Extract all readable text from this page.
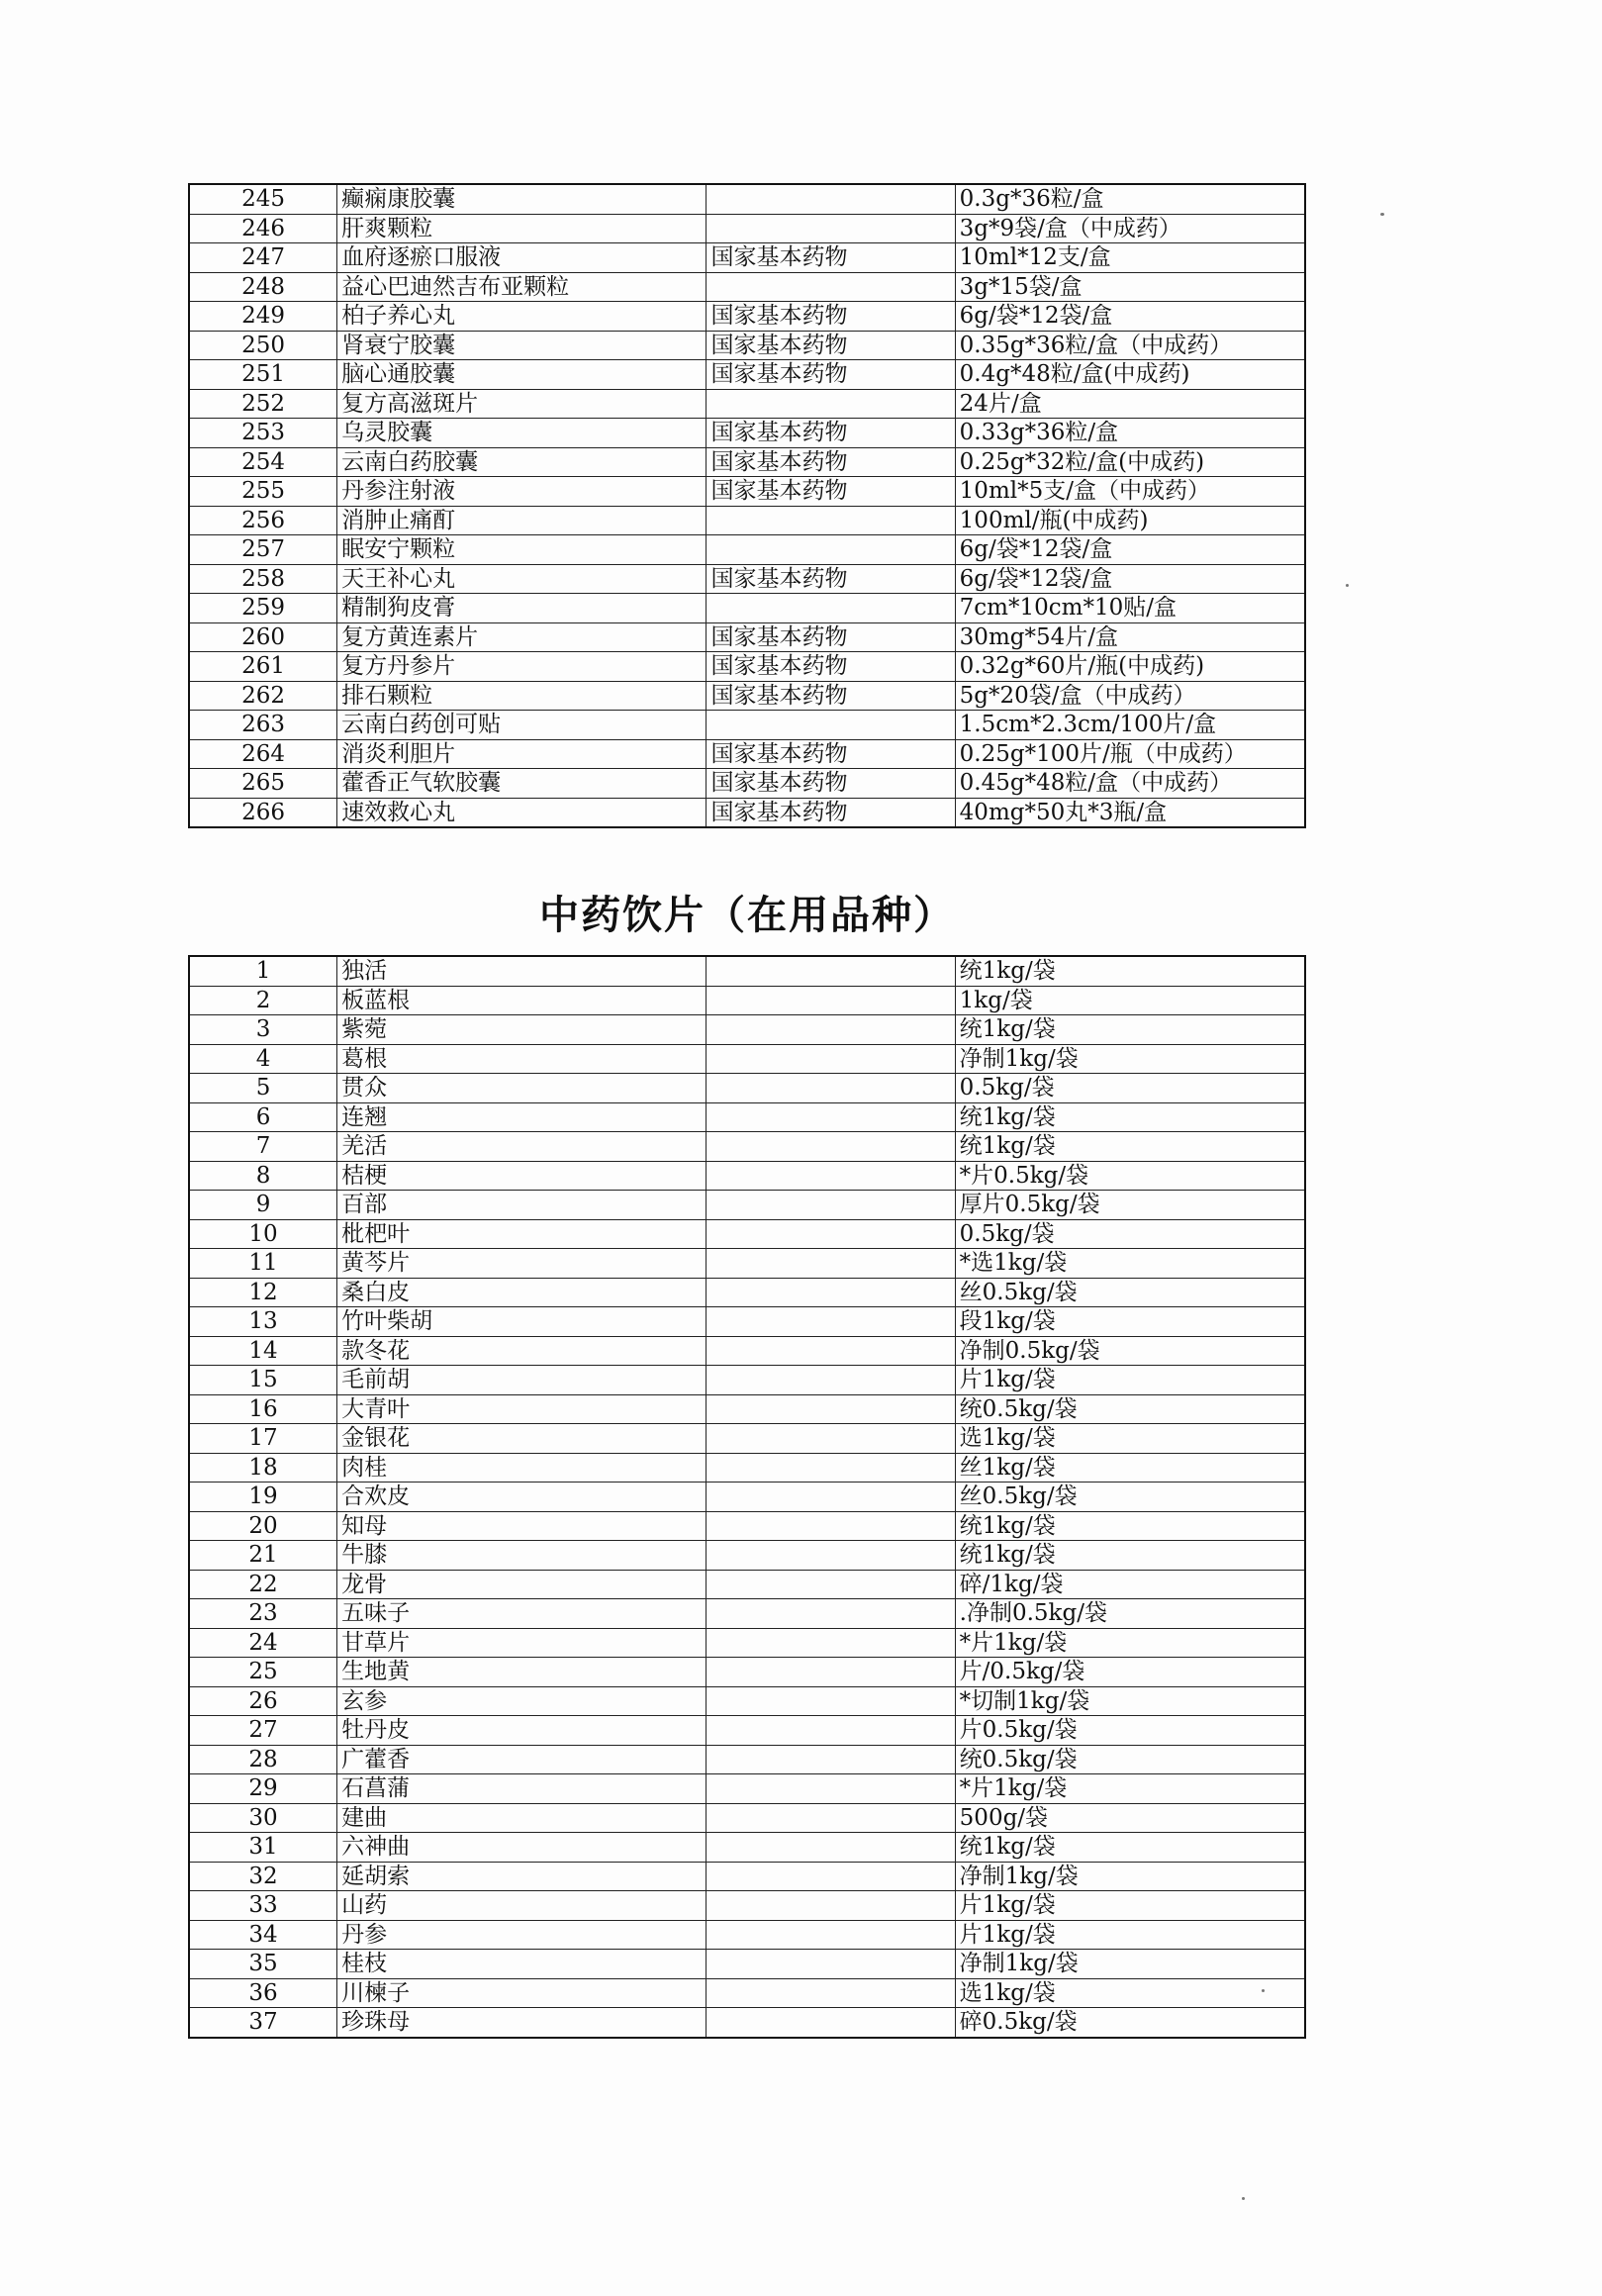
245	癫痫康胶囊		0.3g*36粒/盒
246	肝爽颗粒		3g*9袋/盒（中成药）
247	血府逐瘀口服液	国家基本药物	10ml*12支/盒
248	益心巴迪然吉布亚颗粒		3g*15袋/盒
249	柏子养心丸	国家基本药物	6g/袋*12袋/盒
250	肾衰宁胶囊	国家基本药物	0.35g*36粒/盒（中成药）
251	脑心通胶囊	国家基本药物	0.4g*48粒/盒(中成药)
252	复方高滋斑片		24片/盒
253	乌灵胶囊	国家基本药物	0.33g*36粒/盒
254	云南白药胶囊	国家基本药物	0.25g*32粒/盒(中成药)
255	丹参注射液	国家基本药物	10ml*5支/盒（中成药）
256	消肿止痛酊		100ml/瓶(中成药)
257	眠安宁颗粒		6g/袋*12袋/盒
258	天王补心丸	国家基本药物	6g/袋*12袋/盒
259	精制狗皮膏		7cm*10cm*10贴/盒
260	复方黄连素片	国家基本药物	30mg*54片/盒
261	复方丹参片	国家基本药物	0.32g*60片/瓶(中成药)
262	排石颗粒	国家基本药物	5g*20袋/盒（中成药）
263	云南白药创可贴		1.5cm*2.3cm/100片/盒
264	消炎利胆片	国家基本药物	0.25g*100片/瓶（中成药）
265	藿香正气软胶囊	国家基本药物	0.45g*48粒/盒（中成药）
266	速效救心丸	国家基本药物	40mg*50丸*3瓶/盒
中药饮片（在用品种）
1	独活		统1kg/袋
2	板蓝根		1kg/袋
3	紫菀		统1kg/袋
4	葛根		净制1kg/袋
5	贯众		0.5kg/袋
6	连翘		统1kg/袋
7	羌活		统1kg/袋
8	桔梗		*片0.5kg/袋
9	百部		厚片0.5kg/袋
10	枇杷叶		0.5kg/袋
11	黄芩片		*选1kg/袋
12	桑白皮		丝0.5kg/袋
13	竹叶柴胡		段1kg/袋
14	款冬花		净制0.5kg/袋
15	毛前胡		片1kg/袋
16	大青叶		统0.5kg/袋
17	金银花		选1kg/袋
18	肉桂		丝1kg/袋
19	合欢皮		丝0.5kg/袋
20	知母		统1kg/袋
21	牛膝		统1kg/袋
22	龙骨		碎/1kg/袋
23	五味子		.净制0.5kg/袋
24	甘草片		*片1kg/袋
25	生地黄		片/0.5kg/袋
26	玄参		*切制1kg/袋
27	牡丹皮		片0.5kg/袋
28	广藿香		统0.5kg/袋
29	石菖蒲		*片1kg/袋
30	建曲		500g/袋
31	六神曲		统1kg/袋
32	延胡索		净制1kg/袋
33	山药		片1kg/袋
34	丹参		片1kg/袋
35	桂枝		净制1kg/袋
36	川楝子		选1kg/袋
37	珍珠母		碎0.5kg/袋
